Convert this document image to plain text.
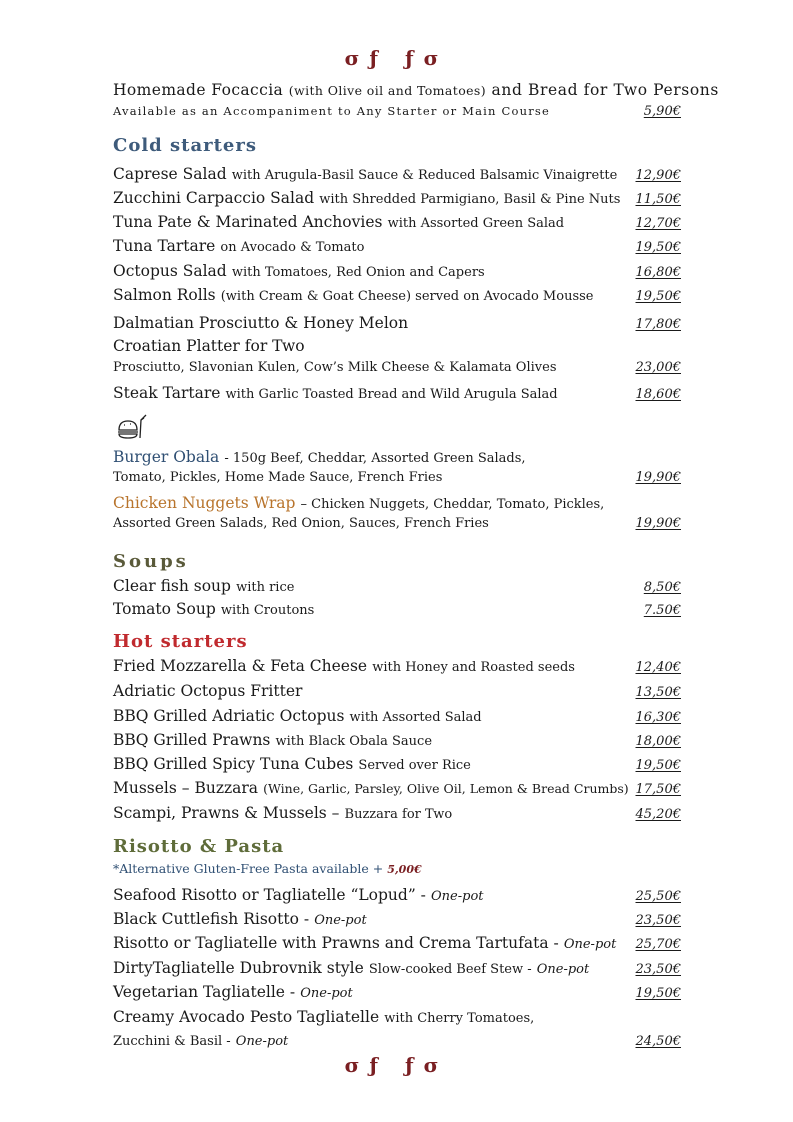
σƒ ƒσ
Homemade Focaccia (with Olive oil and Tomatoes) and Bread for Two Persons
Available as an Accompaniment to Any Starter or Main Course	5,90€
Cold starters
Caprese Salad with Arugula-Basil Sauce & Reduced Balsamic Vinaigrette 12,90€
Zucchini Carpaccio Salad with Shredded Parmigiano, Basil & Pine Nuts 11,50€
Tuna Pate & Marinated Anchovies with Assorted Green Salad	12,70€
Tuna Tartare on Avocado & Tomato	19,50€
Octopus Salad with Tomatoes, Red Onion and Capers	16,80€
Salmon Rolls (with Cream & Goat Cheese) served on Avocado Mousse	19,50€
Dalmatian Prosciutto & Honey Melon	17,80€
Croatian Platter for Two
Prosciutto, Slavonian Kulen, Cow’s Milk Cheese & Kalamata Olives	23,00€
Steak Tartare with Garlic Toasted Bread and Wild Arugula Salad	18,60€
Burger Obala - 150g Beef, Cheddar, Assorted Green Salads,
Tomato, Pickles, Home Made Sauce, French Fries	19,90€
Chicken Nuggets Wrap – Chicken Nuggets, Cheddar, Tomato, Pickles,
Assorted Green Salads, Red Onion, Sauces, French Fries	19,90€
Soups
Clear fish soup with rice	8,50€
Tomato Soup with Croutons	7.50€
Hot starters
Fried Mozzarella & Feta Cheese with Honey and Roasted seeds	12,40€
Adriatic Octopus Fritter	13,50€
BBQ Grilled Adriatic Octopus with Assorted Salad	16,30€
BBQ Grilled Prawns with Black Obala Sauce	18,00€
BBQ Grilled Spicy Tuna Cubes Served over Rice	19,50€
Mussels – Buzzara (Wine, Garlic, Parsley, Olive Oil, Lemon & Bread Crumbs) 17,50€
Scampi, Prawns & Mussels – Buzzara for Two	45,20€
Risotto & Pasta
*Alternative Gluten-Free Pasta available + 5,00€
Seafood Risotto or Tagliatelle “Lopud” - One-pot	25,50€
Black Cuttlefish Risotto - One-pot	23,50€
Risotto or Tagliatelle with Prawns and Crema Tartufata - One-pot 25,70€
DirtyTagliatelle Dubrovnik style Slow-cooked Beef Stew - One-pot	23,50€
Vegetarian Tagliatelle - One-pot	19,50€
Creamy Avocado Pesto Tagliatelle with Cherry Tomatoes,
Zucchini & Basil - One-pot	24,50€
σƒ ƒσ
